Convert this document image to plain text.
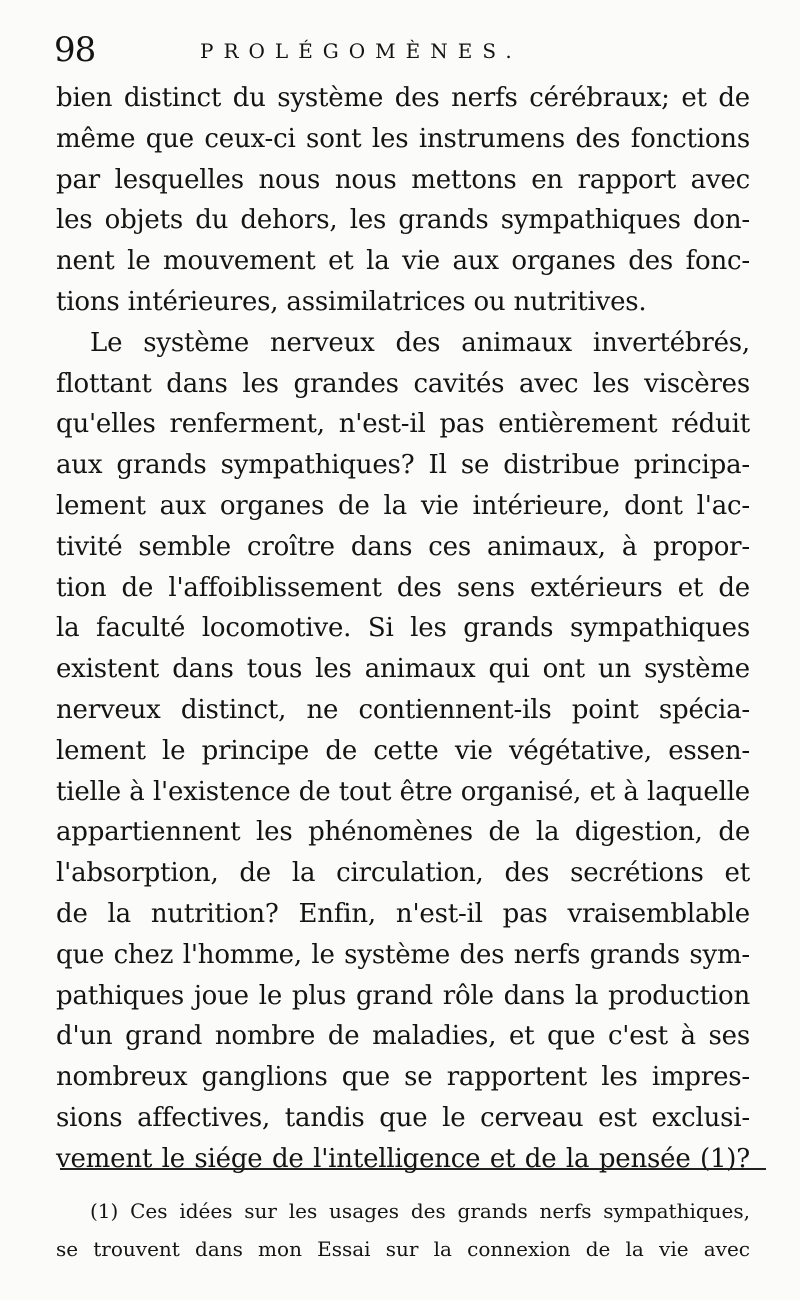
98	PROLÉGOMÈNES.
bien distinct du système des nerfs cérébraux; et de
même que ceux-ci sont les instrumens des fonctions
par lesquelles nous nous mettons en rapport avec
les objets du dehors, les grands sympathiques don-
nent le mouvement et la vie aux organes des fonc-
tions intérieures, assimilatrices ou nutritives.
Le système nerveux des animaux invertébrés,
flottant dans les grandes cavités avec les viscères
qu'elles renferment, n'est-il pas entièrement réduit
aux grands sympathiques? Il se distribue principa-
lement aux organes de la vie intérieure, dont l'ac-
tivité semble croître dans ces animaux, à propor-
tion de l'affoiblissement des sens extérieurs et de
la faculté locomotive. Si les grands sympathiques
existent dans tous les animaux qui ont un système
nerveux distinct, ne contiennent-ils point spécia-
lement le principe de cette vie végétative, essen-
tielle à l'existence de tout être organisé, et à laquelle
appartiennent les phénomènes de la digestion, de
l'absorption, de la circulation, des secrétions et
de la nutrition? Enfin, n'est-il pas vraisemblable
que chez l'homme, le système des nerfs grands sym-
pathiques joue le plus grand rôle dans la production
d'un grand nombre de maladies, et que c'est à ses
nombreux ganglions que se rapportent les impres-
sions affectives, tandis que le cerveau est exclusi-
vement le siége de l'intelligence et de la pensée (1)?
(1) Ces idées sur les usages des grands nerfs sympathiques,
se trouvent dans mon Essai sur la connexion de la vie avec
